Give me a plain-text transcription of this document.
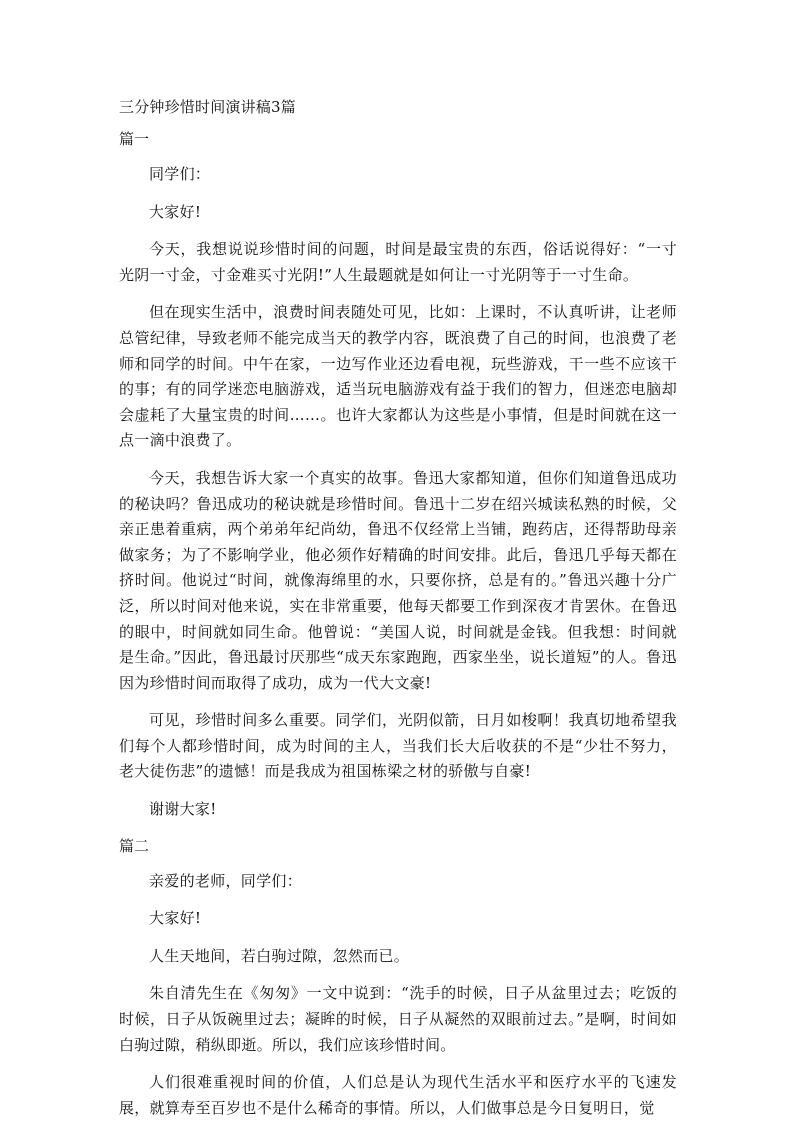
三分钟珍惜时间演讲稿3篇
篇一

同学们：

大家好!

今天，我想说说珍惜时间的问题，时间是最宝贵的东西，俗话说得好：“一寸光阴一寸金，寸金难买寸光阴!”人生最题就是如何让一寸光阴等于一寸生命。

但在现实生活中，浪费时间表随处可见，比如：上课时，不认真听讲，让老师总管纪律，导致老师不能完成当天的教学内容，既浪费了自己的时间，也浪费了老师和同学的时间。中午在家，一边写作业还边看电视，玩些游戏，干一些不应该干的事；有的同学迷恋电脑游戏，适当玩电脑游戏有益于我们的智力，但迷恋电脑却会虚耗了大量宝贵的时间……。也许大家都认为这些是小事情，但是时间就在这一点一滴中浪费了。

今天，我想告诉大家一个真实的故事。鲁迅大家都知道，但你们知道鲁迅成功的秘诀吗？鲁迅成功的秘诀就是珍惜时间。鲁迅十二岁在绍兴城读私熟的时候，父亲正患着重病，两个弟弟年纪尚幼，鲁迅不仅经常上当铺，跑药店，还得帮助母亲做家务；为了不影响学业，他必须作好精确的时间安排。此后，鲁迅几乎每天都在挤时间。他说过“时间，就像海绵里的水，只要你挤，总是有的。”鲁迅兴趣十分广泛，所以时间对他来说，实在非常重要，他每天都要工作到深夜才肯罢休。在鲁迅的眼中，时间就如同生命。他曾说：“美国人说，时间就是金钱。但我想：时间就是生命。”因此，鲁迅最讨厌那些“成天东家跑跑，西家坐坐，说长道短”的人。鲁迅因为珍惜时间而取得了成功，成为一代大文豪!

可见，珍惜时间多么重要。同学们，光阴似箭，日月如梭啊！我真切地希望我们每个人都珍惜时间，成为时间的主人，当我们长大后收获的不是“少壮不努力，老大徒伤悲”的遗憾！而是我成为祖国栋梁之材的骄傲与自豪!

谢谢大家!

篇二

亲爱的老师，同学们：

大家好!

人生天地间，若白驹过隙，忽然而已。

朱自清先生在《匆匆》一文中说到：“洗手的时候，日子从盆里过去；吃饭的时候，日子从饭碗里过去；凝眸的时候，日子从凝然的双眼前过去。”是啊，时间如白驹过隙，稍纵即逝。所以，我们应该珍惜时间。

人们很难重视时间的价值，人们总是认为现代生活水平和医疗水平的飞速发展，就算寿至百岁也不是什么稀奇的事情。所以，人们做事总是今日复明日，觉
